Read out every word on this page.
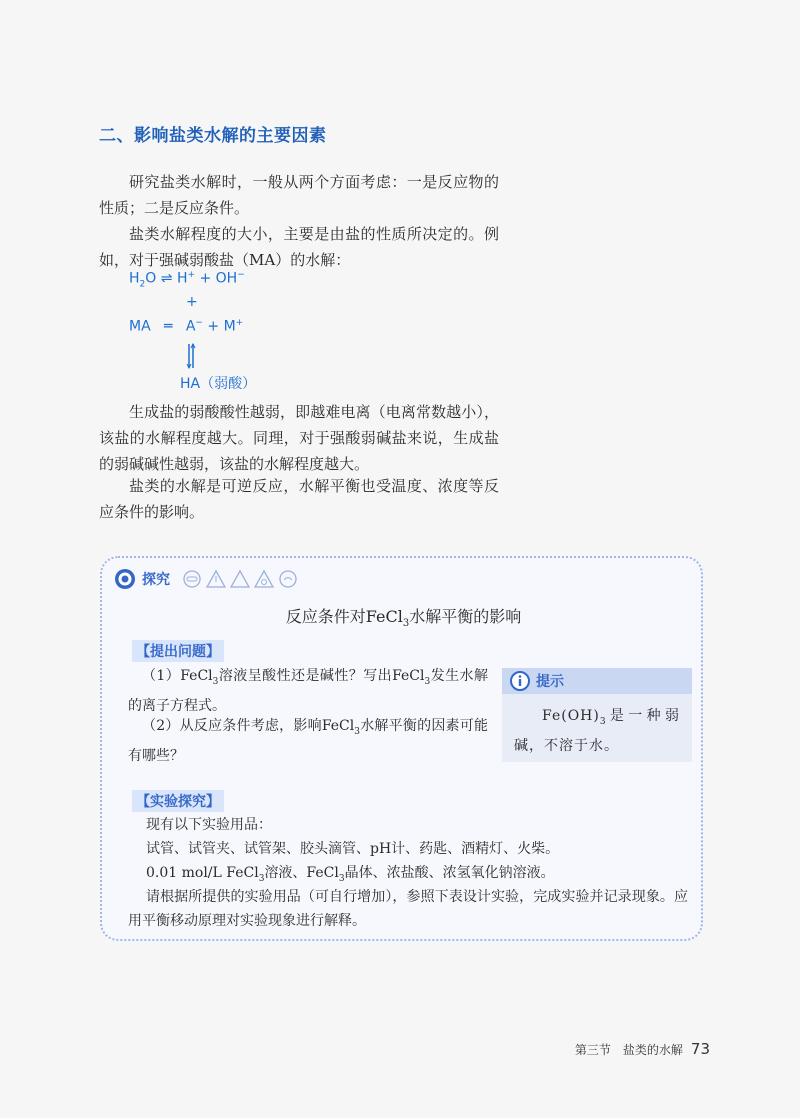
二、影响盐类水解的主要因素

研究盐类水解时，一般从两个方面考虑：一是反应物的性质；二是反应条件。

盐类水解程度的大小，主要是由盐的性质所决定的。例如，对于强碱弱酸盐（MA）的水解：

$H_2O$ ⇌ H+ + OH−
+
MA ═ A− + M+
HA（弱酸）

生成盐的弱酸酸性越弱，即越难电离（电离常数越小），该盐的水解程度越大。同理，对于强酸弱碱盐来说，生成盐的弱碱碱性越弱，该盐的水解程度越大。

盐类的水解是可逆反应，水解平衡也受温度、浓度等反应条件的影响。

探究
反应条件对FeCl$_3$水解平衡的影响
【提出问题】

（1）FeCl$_3$溶液呈酸性还是碱性？写出FeCl$_3$发生水解的离子方程式。

（2）从反应条件考虑，影响FeCl$_3$水解平衡的因素可能有哪些？

提示

$Fe(OH)_3$是一种弱碱，不溶于水。

【实验探究】

现有以下实验用品：

试管、试管夹、试管架、胶头滴管、pH计、药匙、酒精灯、火柴。

0.01 mol/L FeCl$_3$溶液、FeCl$_3$晶体、浓盐酸、浓氢氧化钠溶液。

请根据所提供的实验用品（可自行增加），参照下表设计实验，完成实验并记录现象。应用平衡移动原理对实验现象进行解释。

第三节　盐类的水解 73
